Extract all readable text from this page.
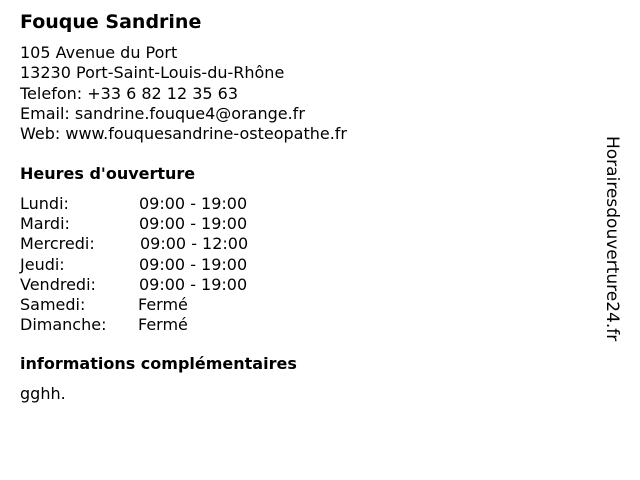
Fouque Sandrine
105 Avenue du Port
13230 Port-Saint-Louis-du-Rhône
Telefon: +33 6 82 12 35 63
Email: sandrine.fouque4@orange.fr
Web: www.fouquesandrine-osteopathe.fr
Heures d'ouverture
Lundi:	09:00 - 19:00
Mardi:	09:00 - 19:00
Mercredi:	09:00 - 12:00
Jeudi:	09:00 - 19:00
Vendredi:	09:00 - 19:00
Samedi:	Fermé
Dimanche: Fermé
informations complémentaires
gghh.
Horairesdouverture24.fr
